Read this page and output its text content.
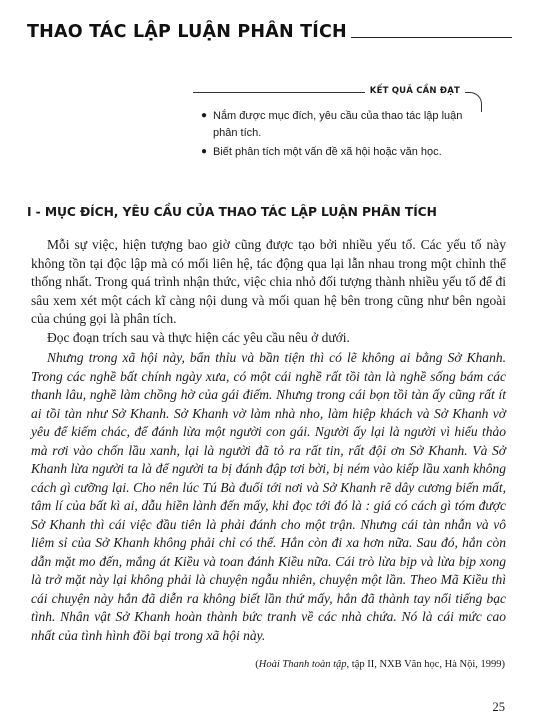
THAO TÁC LẬP LUẬN PHÂN TÍCH
KẾT QUẢ CẦN ĐẠT
● Nắm được mục đích, yêu cầu của thao tác lập luận phân tích.
● Biết phân tích một vấn đề xã hội hoặc văn học.
I - MỤC ĐÍCH, YÊU CẦU CỦA THAO TÁC LẬP LUẬN PHÂN TÍCH

Mỗi sự việc, hiện tượng bao giờ cũng được tạo bởi nhiều yếu tố. Các yếu tố này không tồn tại độc lập mà có mối liên hệ, tác động qua lại lẫn nhau trong một chỉnh thể thống nhất. Trong quá trình nhận thức, việc chia nhỏ đối tượng thành nhiều yếu tố để đi sâu xem xét một cách kĩ càng nội dung và mối quan hệ bên trong cũng như bên ngoài của chúng gọi là phân tích.

Đọc đoạn trích sau và thực hiện các yêu cầu nêu ở dưới.

Nhưng trong xã hội này, bẩn thỉu và bần tiện thì có lẽ không ai bằng Sở Khanh. Trong các nghề bất chính ngày xưa, có một cái nghề rất tồi tàn là nghề sống bám các thanh lâu, nghề làm chồng hờ của gái điếm. Nhưng trong cái bọn tồi tàn ấy cũng rất ít ai tồi tàn như Sở Khanh. Sở Khanh vờ làm nhà nho, làm hiệp khách và Sở Khanh vờ yêu để kiếm chác, để đánh lừa một người con gái. Người ấy lại là người vì hiếu thảo mà rơi vào chốn lầu xanh, lại là người đã tỏ ra rất tin, rất đội ơn Sở Khanh. Và Sở Khanh lừa người ta là để người ta bị đánh đập tơi bời, bị ném vào kiếp lầu xanh không cách gì cưỡng lại. Cho nên lúc Tú Bà đuổi tới nơi và Sở Khanh rẽ dây cương biến mất, tâm lí của bất kì ai, dẫu hiền lành đến mấy, khi đọc tới đó là : giá có cách gì tóm được Sở Khanh thì cái việc đầu tiên là phải đánh cho một trận. Nhưng cái tàn nhẫn và vô liêm sỉ của Sở Khanh không phải chỉ có thế. Hắn còn đi xa hơn nữa. Sau đó, hắn còn dẫn mặt mo đến, mắng át Kiều và toan đánh Kiều nữa. Cái trò lừa bịp và lừa bịp xong là trở mặt này lại không phải là chuyện ngẫu nhiên, chuyện một lần. Theo Mã Kiều thì cái chuyện này hắn đã diễn ra không biết lần thứ mấy, hắn đã thành tay nổi tiếng bạc tình. Nhân vật Sở Khanh hoàn thành bức tranh về các nhà chứa. Nó là cái mức cao nhất của tình hình đồi bại trong xã hội này.

(Hoài Thanh toàn tập, tập II, NXB Văn học, Hà Nội, 1999)
25
